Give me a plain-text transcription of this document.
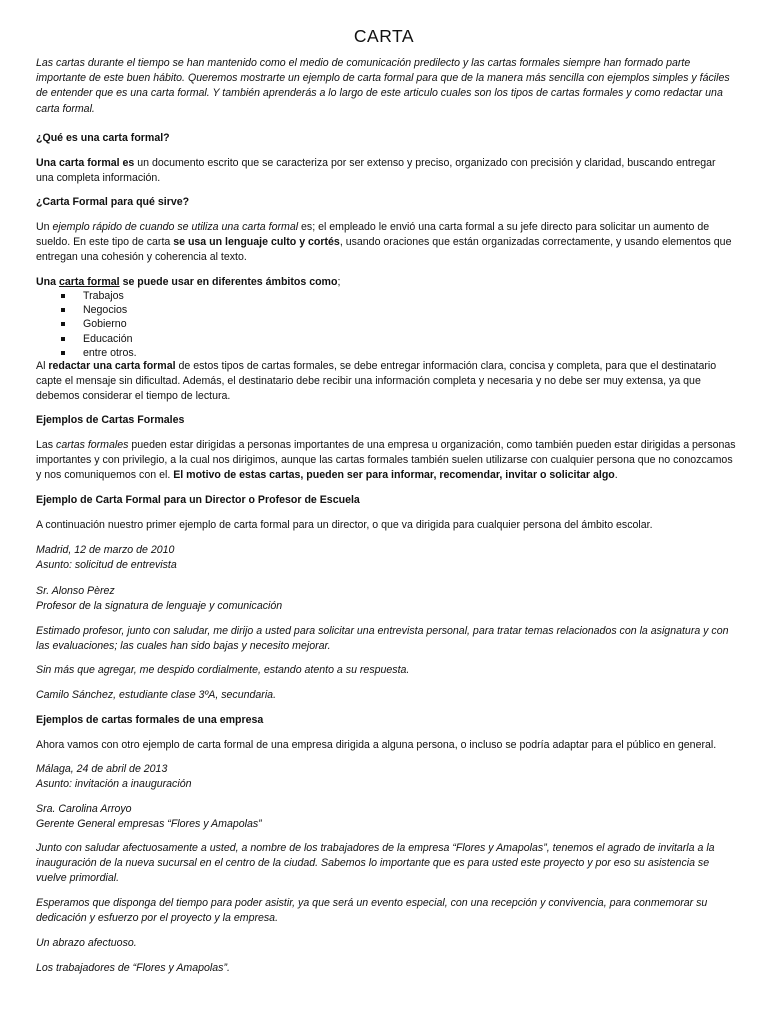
CARTA
Las cartas durante el tiempo se han mantenido como el medio de comunicación predilecto y las cartas formales siempre han formado parte importante de este buen hábito. Queremos mostrarte un ejemplo de carta formal para que de la manera más sencilla con ejemplos simples y fáciles de entender que es una carta formal. Y también aprenderás a lo largo de este articulo cuales son los tipos de cartas formales y como redactar una carta formal.
¿Qué es una carta formal?
Una carta formal es un documento escrito que se caracteriza por ser extenso y preciso, organizado con precisión y claridad, buscando entregar una completa información.
¿Carta Formal para qué sirve?
Un ejemplo rápido de cuando se utiliza una carta formal es; el empleado le envió una carta formal a su jefe directo para solicitar un aumento de sueldo. En este tipo de carta se usa un lenguaje culto y cortés, usando oraciones que están organizadas correctamente, y usando elementos que entregan una cohesión y coherencia al texto.
Una carta formal se puede usar en diferentes ámbitos como;
Trabajos
Negocios
Gobierno
Educación
entre otros.
Al redactar una carta formal de estos tipos de cartas formales, se debe entregar información clara, concisa y completa, para que el destinatario capte el mensaje sin dificultad. Además, el destinatario debe recibir una información completa y necesaria y no debe ser muy extensa, ya que debemos considerar el tiempo de lectura.
Ejemplos de Cartas Formales
Las cartas formales pueden estar dirigidas a personas importantes de una empresa u organización, como también pueden estar dirigidas a personas importantes y con privilegio, a la cual nos dirigimos, aunque las cartas formales también suelen utilizarse con cualquier persona que no conozcamos y nos comuniquemos con el. El motivo de estas cartas, pueden ser para informar, recomendar, invitar o solicitar algo.
Ejemplo de Carta Formal para un Director o Profesor de Escuela
A continuación nuestro primer ejemplo de carta formal para un director, o que va dirigida para cualquier persona del ámbito escolar.
Madrid, 12 de marzo de 2010
Asunto: solicitud de entrevista
Sr. Alonso Pèrez
Profesor de la signatura de lenguaje y comunicación
Estimado profesor, junto con saludar, me dirijo a usted para solicitar una entrevista personal, para tratar temas relacionados con la asignatura y con las evaluaciones; las cuales han sido bajas y necesito mejorar.
Sin más que agregar, me despido cordialmente, estando atento a su respuesta.
Camilo Sánchez, estudiante clase 3ºA, secundaria.
Ejemplos de cartas formales de una empresa
Ahora vamos con otro ejemplo de carta formal de una empresa dirigida a alguna persona, o incluso se podría adaptar para el público en general.
Málaga, 24 de abril de 2013
Asunto: invitación a inauguración
Sra. Carolina Arroyo
Gerente General empresas “Flores y Amapolas”
Junto con saludar afectuosamente a usted, a nombre de los trabajadores de la empresa “Flores y Amapolas”, tenemos el agrado de invitarla a la inauguración de la nueva sucursal en el centro de la ciudad. Sabemos lo importante que es para usted este proyecto y por eso su asistencia se vuelve primordial.
Esperamos que disponga del tiempo para poder asistir, ya que será un evento especial, con una recepción y convivencia, para conmemorar su dedicación y esfuerzo por el proyecto y la empresa.
Un abrazo afectuoso.
Los trabajadores de “Flores y Amapolas”.
